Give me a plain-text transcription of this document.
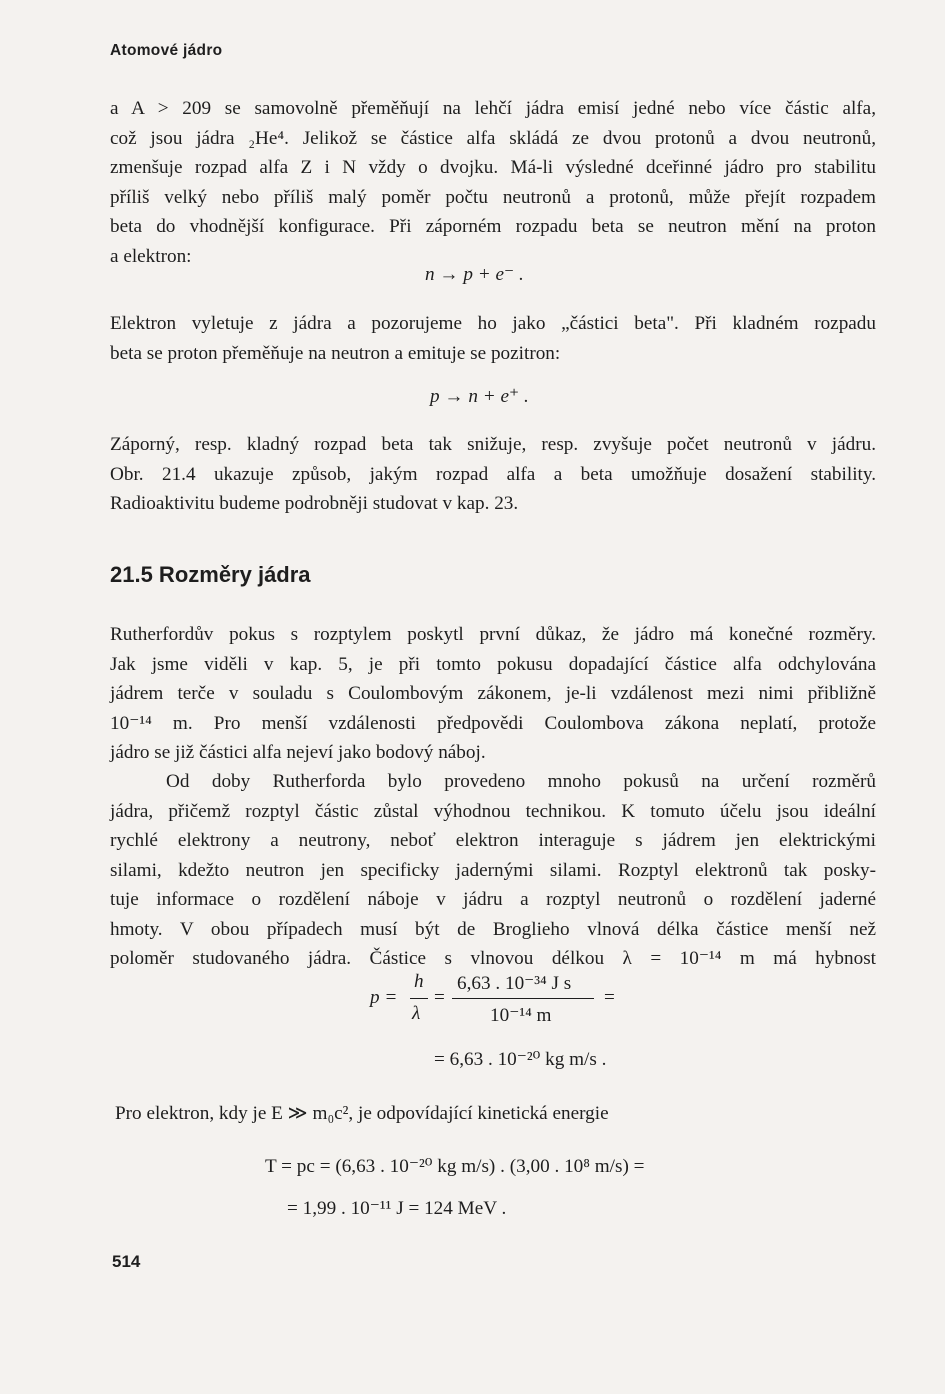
Atomové jádro
a A > 209 se samovolně přeměňují na lehčí jádra emisí jedné nebo více částic alfa,
což jsou jádra ₂He⁴. Jelikož se částice alfa skládá ze dvou protonů a dvou neutronů,
zmenšuje rozpad alfa Z i N vždy o dvojku. Má-li výsledné dceřinné jádro pro stabilitu
příliš velký nebo příliš malý poměr počtu neutronů a protonů, může přejít rozpadem
beta do vhodnější konfigurace. Při záporném rozpadu beta se neutron mění na proton
a elektron:
n → p + e⁻ .
Elektron vyletuje z jádra a pozorujeme ho jako „částici beta". Při kladném rozpadu
beta se proton přeměňuje na neutron a emituje se pozitron:
p → n + e⁺ .
Záporný, resp. kladný rozpad beta tak snižuje, resp. zvyšuje počet neutronů v jádru.
Obr. 21.4 ukazuje způsob, jakým rozpad alfa a beta umožňuje dosažení stability.
Radioaktivitu budeme podrobněji studovat v kap. 23.
21.5 Rozměry jádra
Rutherfordův pokus s rozptylem poskytl první důkaz, že jádro má konečné rozměry.
Jak jsme viděli v kap. 5, je při tomto pokusu dopadající částice alfa odchylována
jádrem terče v souladu s Coulombovým zákonem, je-li vzdálenost mezi nimi přibližně
10⁻¹⁴ m. Pro menší vzdálenosti předpovědi Coulombova zákona neplatí, protože
jádro se již částici alfa nejeví jako bodový náboj.
Od doby Rutherforda bylo provedeno mnoho pokusů na určení rozměrů
jádra, přičemž rozptyl částic zůstal výhodnou technikou. K tomuto účelu jsou ideální
rychlé elektrony a neutrony, neboť elektron interaguje s jádrem jen elektrickými
silami, kdežto neutron jen specificky jadernými silami. Rozptyl elektronů tak posky-
tuje informace o rozdělení náboje v jádru a rozptyl neutronů o rozdělení jaderné
hmoty. V obou případech musí být de Broglieho vlnová délka částice menší než
poloměr studovaného jádra. Částice s vlnovou délkou λ = 10⁻¹⁴ m má hybnost
p =
h
λ
=
6,63 . 10⁻³⁴ J s
10⁻¹⁴ m
=
= 6,63 . 10⁻²⁰ kg m/s .
Pro elektron, kdy je E ≫ m₀c², je odpovídající kinetická energie
T = pc = (6,63 . 10⁻²⁰ kg m/s) . (3,00 . 10⁸ m/s) =
= 1,99 . 10⁻¹¹ J = 124 MeV .
514
